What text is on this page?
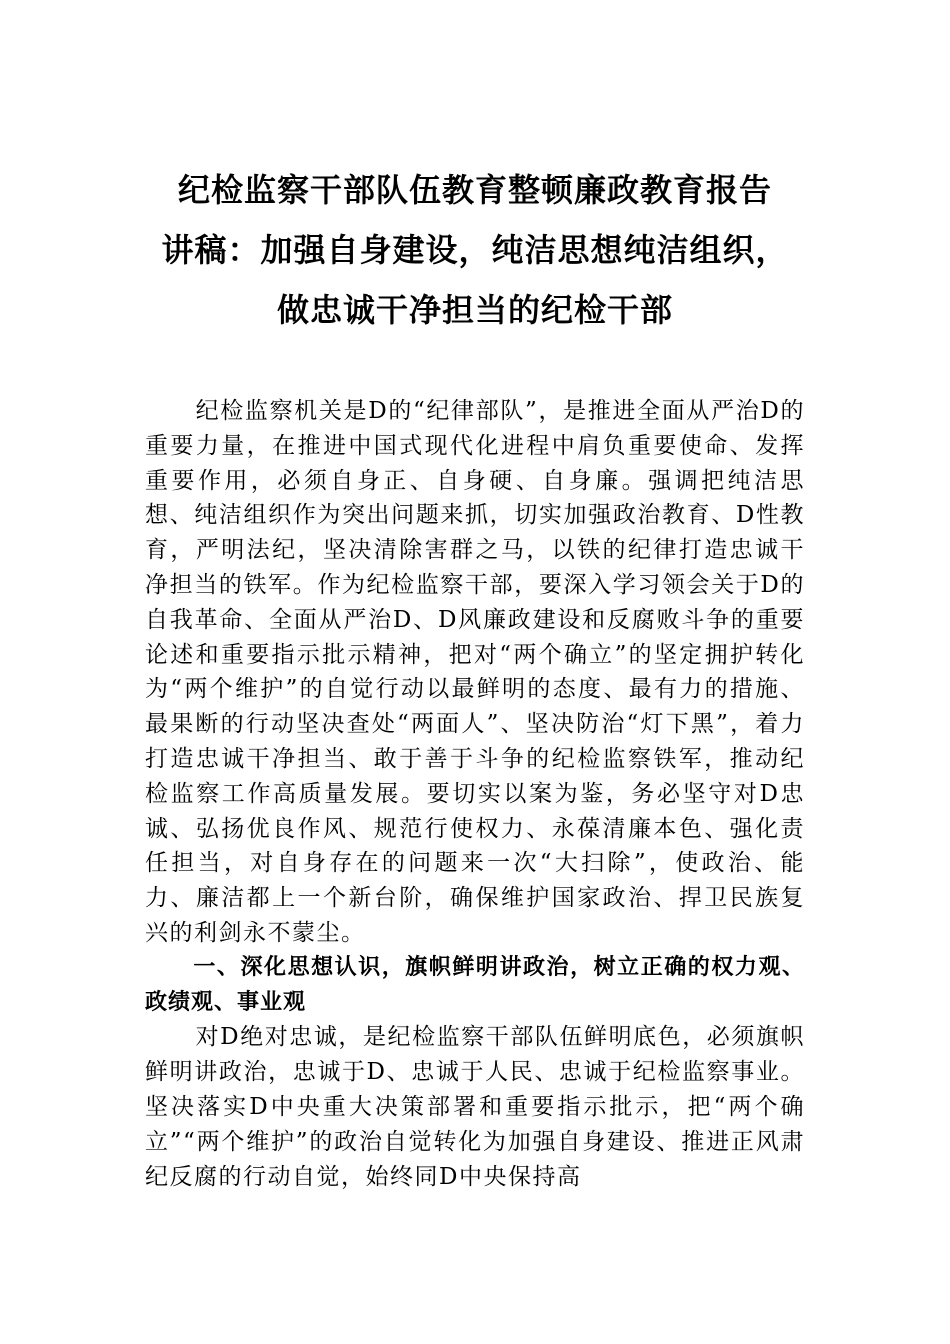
纪检监察干部队伍教育整顿廉政教育报告
讲稿：加强自身建设，纯洁思想纯洁组织，
做忠诚干净担当的纪检干部

纪检监察机关是D的“纪律部队”，是推进全面从严治D的重要力量，在推进中国式现代化进程中肩负重要使命、发挥重要作用，必须自身正、自身硬、自身廉。强调把纯洁思想、纯洁组织作为突出问题来抓，切实加强政治教育、D性教育，严明法纪，坚决清除害群之马，以铁的纪律打造忠诚干净担当的铁军。作为纪检监察干部，要深入学习领会关于D的自我革命、全面从严治D、D风廉政建设和反腐败斗争的重要论述和重要指示批示精神，把对“两个确立”的坚定拥护转化为“两个维护”的自觉行动以最鲜明的态度、最有力的措施、最果断的行动坚决查处“两面人”、坚决防治“灯下黑”，着力打造忠诚干净担当、敢于善于斗争的纪检监察铁军，推动纪检监察工作高质量发展。要切实以案为鉴，务必坚守对D忠诚、弘扬优良作风、规范行使权力、永葆清廉本色、强化责任担当，对自身存在的问题来一次“大扫除”，使政治、能力、廉洁都上一个新台阶，确保维护国家政治、捍卫民族复兴的利剑永不蒙尘。

一、深化思想认识，旗帜鲜明讲政治，树立正确的权力观、政绩观、事业观

对D绝对忠诚，是纪检监察干部队伍鲜明底色，必须旗帜鲜明讲政治，忠诚于D、忠诚于人民、忠诚于纪检监察事业。坚决落实D中央重大决策部署和重要指示批示，把“两个确立”“两个维护”的政治自觉转化为加强自身建设、推进正风肃纪反腐的行动自觉，始终同D中央保持高
